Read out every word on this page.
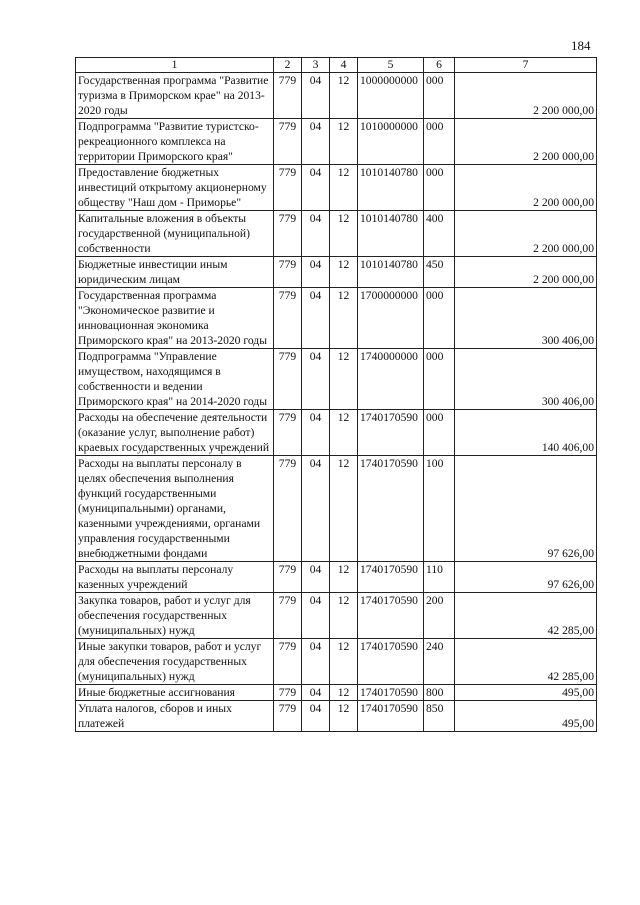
184
1	2	3	4	5	6	7
Государственная программа "Развитие туризма в Приморском крае" на 2013-2020 годы	779	04	12	1000000000	000	2 200 000,00
Подпрограмма "Развитие туристско-рекреационного комплекса на территории Приморского края"	779	04	12	1010000000	000	2 200 000,00
Предоставление бюджетных инвестиций открытому акционерному обществу "Наш дом - Приморье"	779	04	12	1010140780	000	2 200 000,00
Капитальные вложения в объекты государственной (муниципальной) собственности	779	04	12	1010140780	400	2 200 000,00
Бюджетные инвестиции иным юридическим лицам	779	04	12	1010140780	450	2 200 000,00
Государственная программа "Экономическое развитие и инновационная экономика Приморского края" на 2013-2020 годы	779	04	12	1700000000	000	300 406,00
Подпрограмма "Управление имуществом, находящимся в собственности и ведении Приморского края" на 2014-2020 годы	779	04	12	1740000000	000	300 406,00
Расходы на обеспечение деятельности (оказание услуг, выполнение работ) краевых государственных учреждений	779	04	12	1740170590	000	140 406,00
Расходы на выплаты персоналу в целях обеспечения выполнения функций государственными (муниципальными) органами, казенными учреждениями, органами управления государственными внебюджетными фондами	779	04	12	1740170590	100	97 626,00
Расходы на выплаты персоналу казенных учреждений	779	04	12	1740170590	110	97 626,00
Закупка товаров, работ и услуг для обеспечения государственных (муниципальных) нужд	779	04	12	1740170590	200	42 285,00
Иные закупки товаров, работ и услуг для обеспечения государственных (муниципальных) нужд	779	04	12	1740170590	240	42 285,00
Иные бюджетные ассигнования	779	04	12	1740170590	800	495,00
Уплата налогов, сборов и иных платежей	779	04	12	1740170590	850	495,00
